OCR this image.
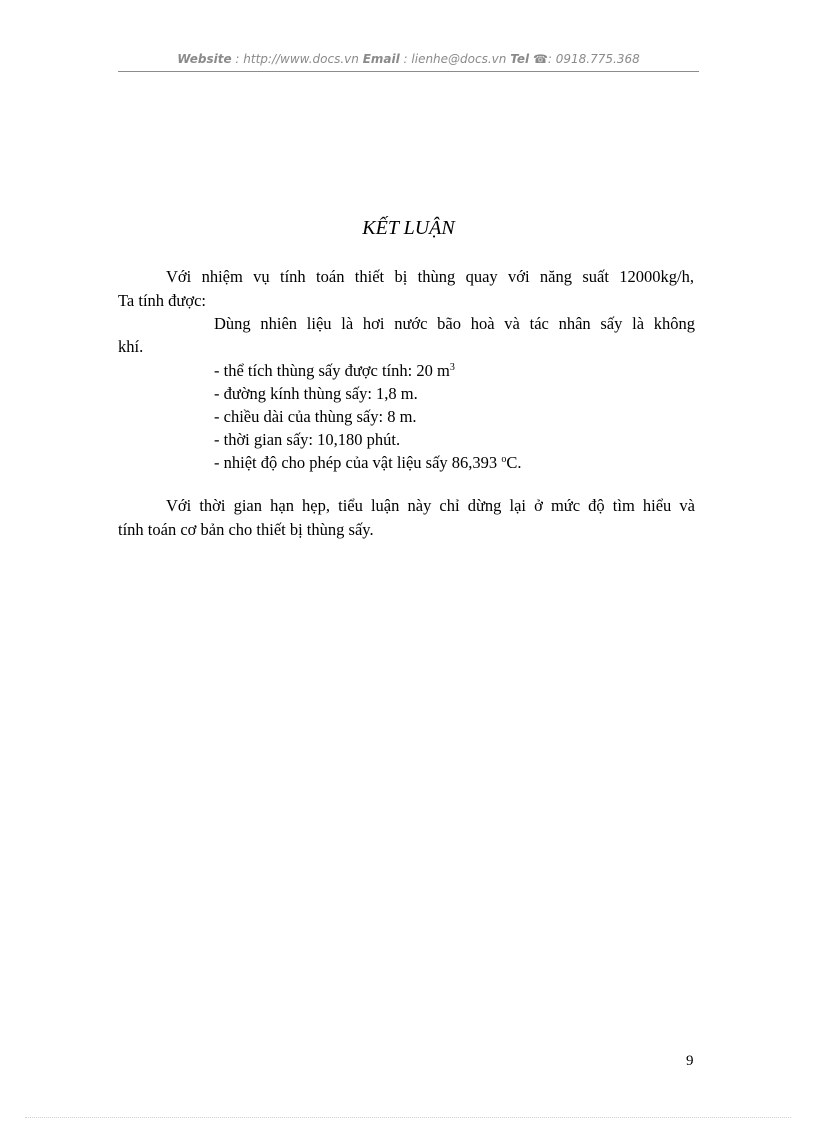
Website : http://www.docs.vn Email : lienhe@docs.vn Tel ☎: 0918.775.368
KẾT LUẬN
Với nhiệm vụ tính toán thiết bị thùng quay với năng suất 12000kg/h,
Ta tính được:
Dùng nhiên liệu là hơi nước bão hoà và tác nhân sấy là không
khí.
- thể tích thùng sấy được tính: 20 $m^3$
- đường kính thùng sấy: 1,8 m.
- chiều dài của thùng sấy: 8 m.
- thời gian sấy: 10,180 phút.
- nhiệt độ cho phép của vật liệu sấy 86,393 $^o$C.
Với thời gian hạn hẹp, tiểu luận này chỉ dừng lại ở mức độ tìm hiểu và
tính toán cơ bản cho thiết bị thùng sấy.
9
